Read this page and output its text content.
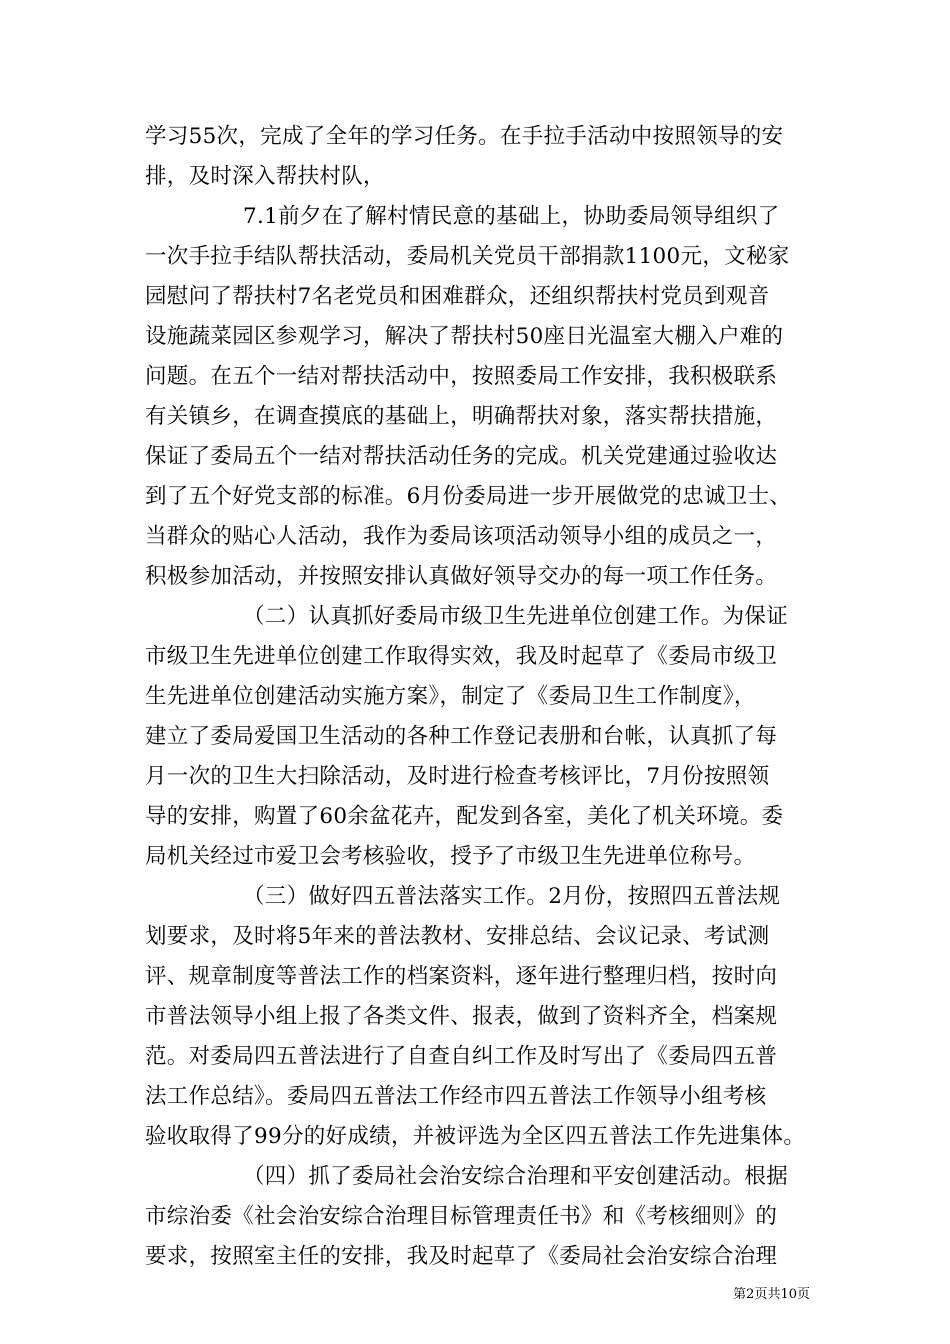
学习55次，完成了全年的学习任务。在手拉手活动中按照领导的安
排，及时深入帮扶村队，
7.1前夕在了解村情民意的基础上，协助委局领导组织了
一次手拉手结队帮扶活动，委局机关党员干部捐款1100元，文秘家
园慰问了帮扶村7名老党员和困难群众，还组织帮扶村党员到观音
设施蔬菜园区参观学习，解决了帮扶村50座日光温室大棚入户难的
问题。在五个一结对帮扶活动中，按照委局工作安排，我积极联系
有关镇乡，在调查摸底的基础上，明确帮扶对象，落实帮扶措施，
保证了委局五个一结对帮扶活动任务的完成。机关党建通过验收达
到了五个好党支部的标准。6月份委局进一步开展做党的忠诚卫士、
当群众的贴心人活动，我作为委局该项活动领导小组的成员之一，
积极参加活动，并按照安排认真做好领导交办的每一项工作任务。
（二）认真抓好委局市级卫生先进单位创建工作。为保证
市级卫生先进单位创建工作取得实效，我及时起草了《委局市级卫
生先进单位创建活动实施方案》，制定了《委局卫生工作制度》，
建立了委局爱国卫生活动的各种工作登记表册和台帐，认真抓了每
月一次的卫生大扫除活动，及时进行检查考核评比，7月份按照领
导的安排，购置了60余盆花卉，配发到各室，美化了机关环境。委
局机关经过市爱卫会考核验收，授予了市级卫生先进单位称号。
（三）做好四五普法落实工作。2月份，按照四五普法规
划要求，及时将5年来的普法教材、安排总结、会议记录、考试测
评、规章制度等普法工作的档案资料，逐年进行整理归档，按时向
市普法领导小组上报了各类文件、报表，做到了资料齐全，档案规
范。对委局四五普法进行了自查自纠工作及时写出了《委局四五普
法工作总结》。委局四五普法工作经市四五普法工作领导小组考核
验收取得了99分的好成绩，并被评选为全区四五普法工作先进集体。
（四）抓了委局社会治安综合治理和平安创建活动。根据
市综治委《社会治安综合治理目标管理责任书》和《考核细则》的
要求，按照室主任的安排，我及时起草了《委局社会治安综合治理
第2页共10页
